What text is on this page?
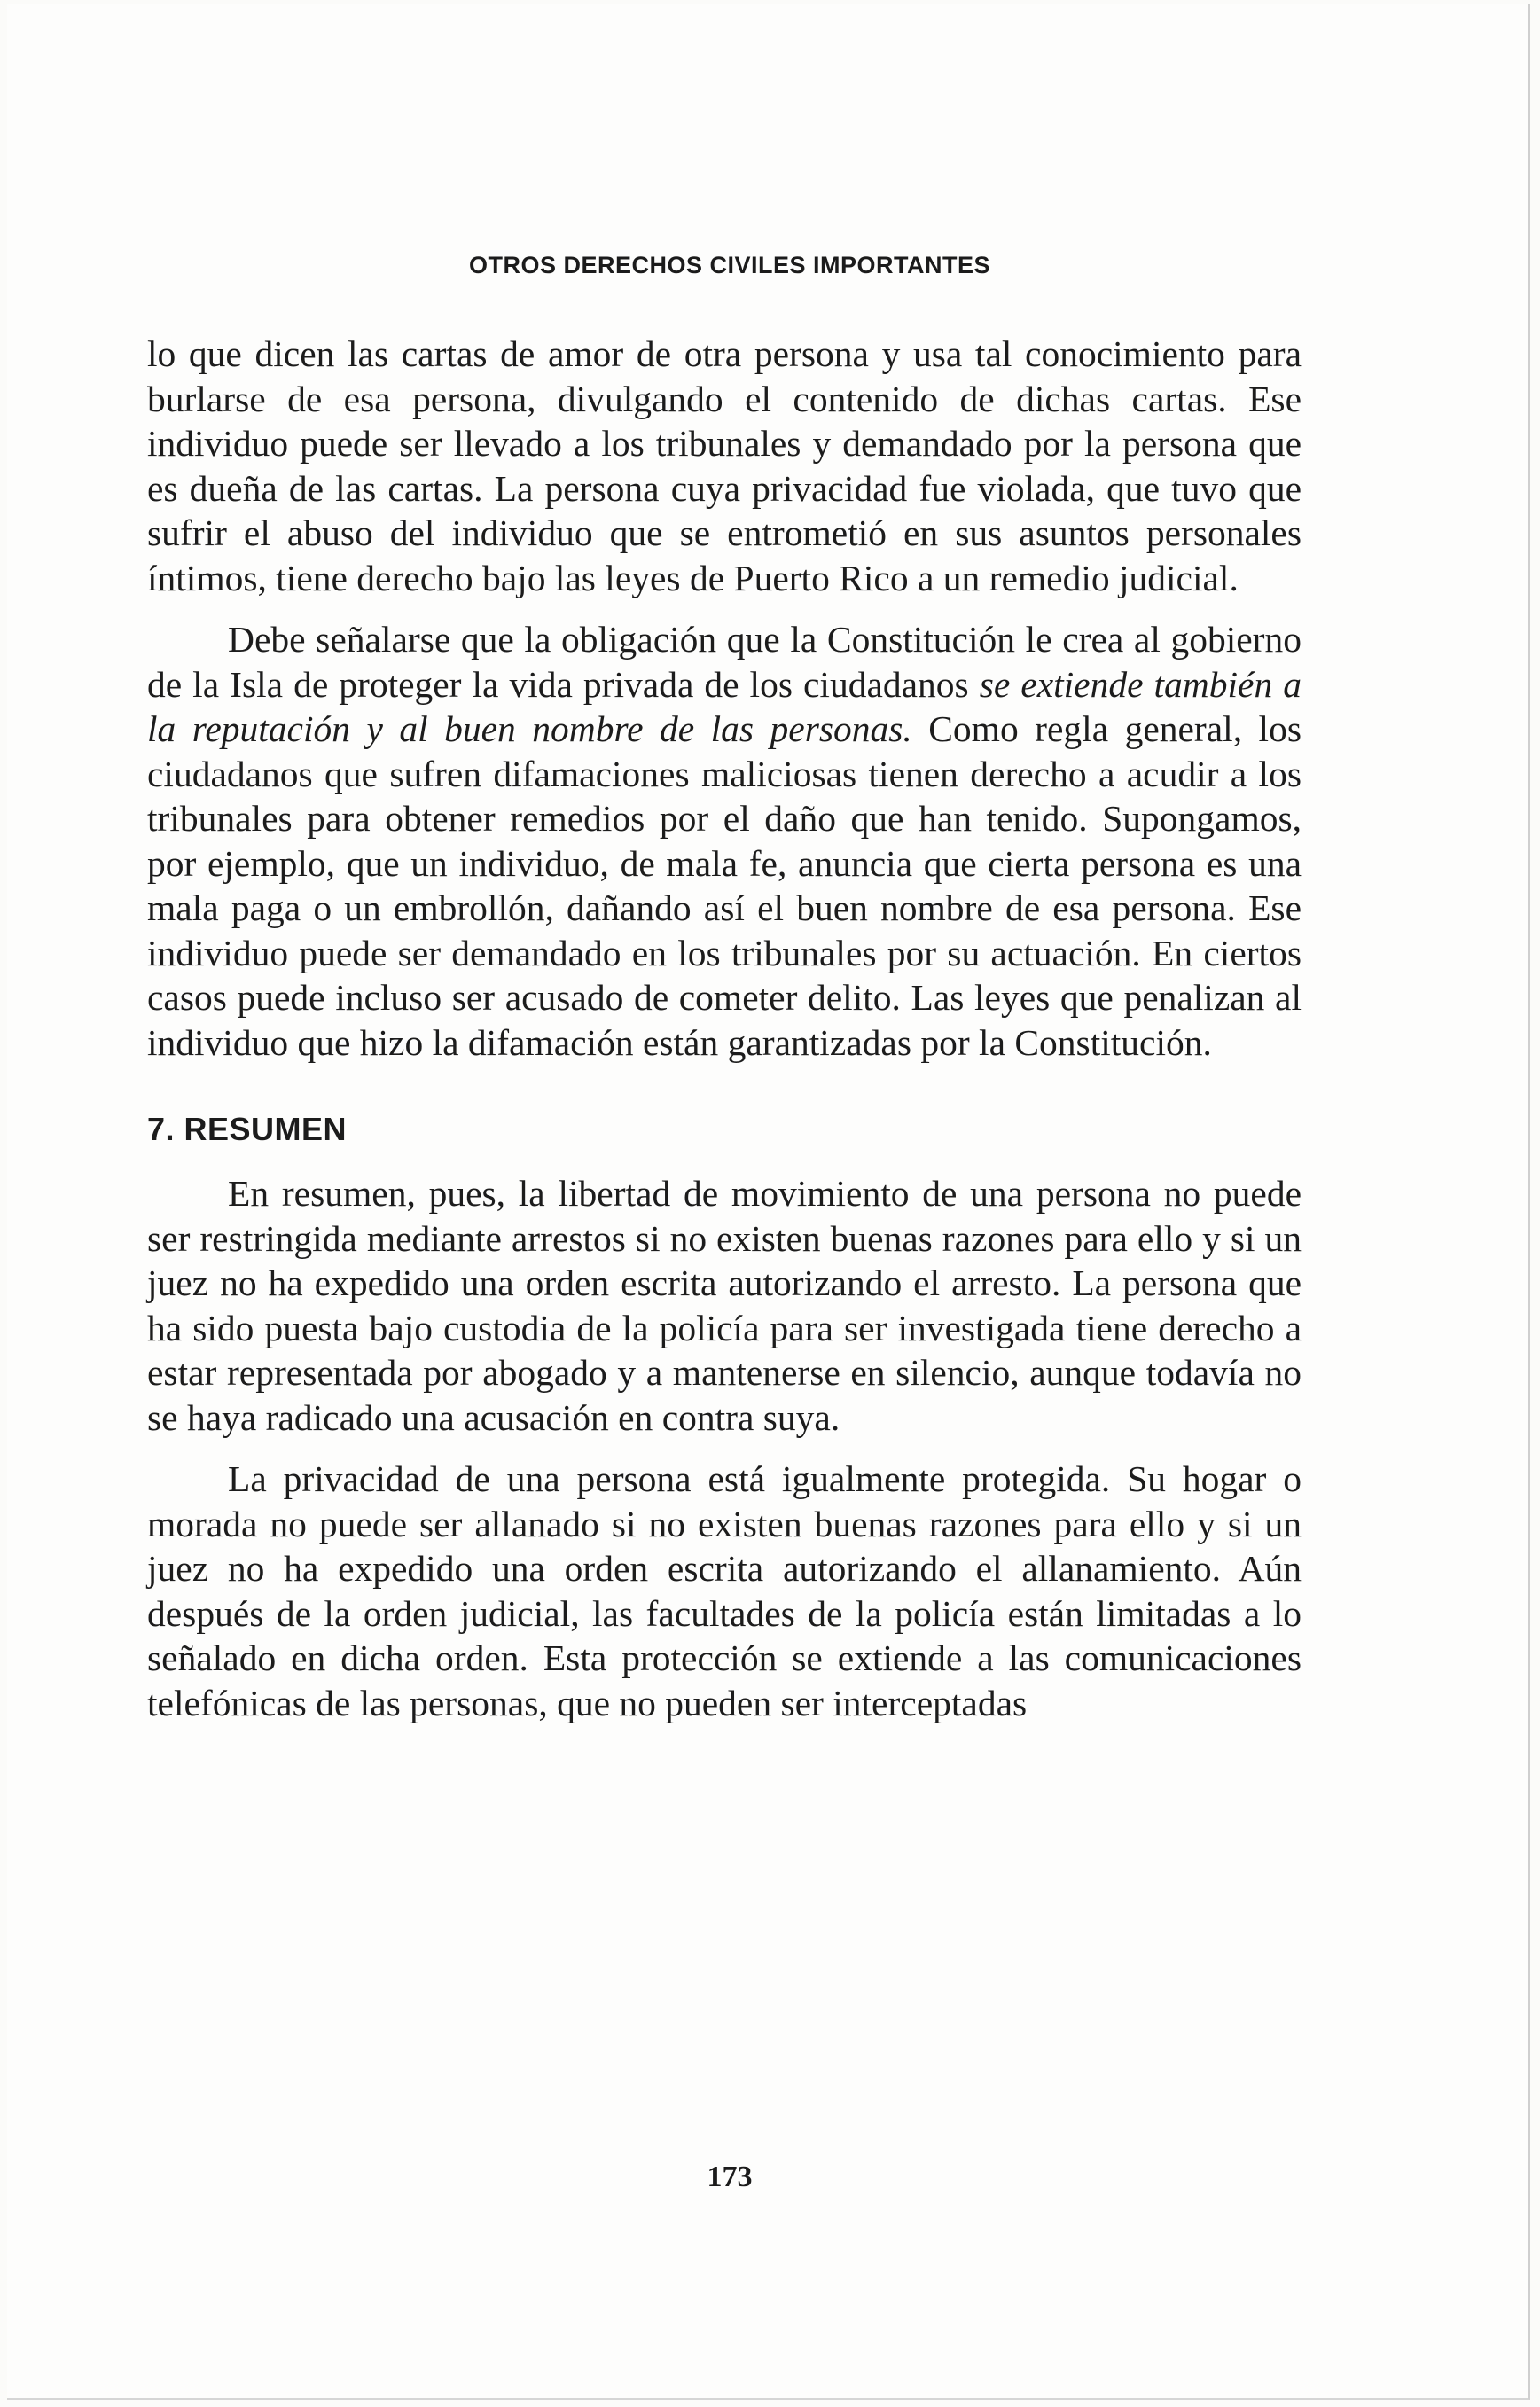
OTROS DERECHOS CIVILES IMPORTANTES

lo que dicen las cartas de amor de otra persona y usa tal conocimiento para burlarse de esa persona, divulgando el contenido de dichas cartas. Ese individuo puede ser llevado a los tribunales y demandado por la persona que es dueña de las cartas. La persona cuya privacidad fue violada, que tuvo que sufrir el abuso del individuo que se entrometió en sus asuntos personales íntimos, tiene derecho bajo las leyes de Puerto Rico a un remedio judicial.

Debe señalarse que la obligación que la Constitución le crea al gobierno de la Isla de proteger la vida privada de los ciudadanos se extiende también a la reputación y al buen nombre de las personas. Como regla general, los ciudadanos que sufren difamaciones maliciosas tienen derecho a acudir a los tribunales para obtener remedios por el daño que han tenido. Supongamos, por ejemplo, que un individuo, de mala fe, anuncia que cierta persona es una mala paga o un embrollón, dañando así el buen nombre de esa persona. Ese individuo puede ser demandado en los tribunales por su actuación. En ciertos casos puede incluso ser acusado de cometer delito. Las leyes que penalizan al individuo que hizo la difamación están garantizadas por la Constitución.

7. RESUMEN

En resumen, pues, la libertad de movimiento de una persona no puede ser restringida mediante arrestos si no existen buenas razones para ello y si un juez no ha expedido una orden escrita autorizando el arresto. La persona que ha sido puesta bajo custodia de la policía para ser investigada tiene derecho a estar representada por abogado y a mantenerse en silencio, aunque todavía no se haya radicado una acusación en contra suya.

La privacidad de una persona está igualmente protegida. Su hogar o morada no puede ser allanado si no existen buenas razones para ello y si un juez no ha expedido una orden escrita autorizando el allanamiento. Aún después de la orden judicial, las facultades de la policía están limitadas a lo señalado en dicha orden. Esta protección se extiende a las comunicaciones telefónicas de las personas, que no pueden ser interceptadas

173
